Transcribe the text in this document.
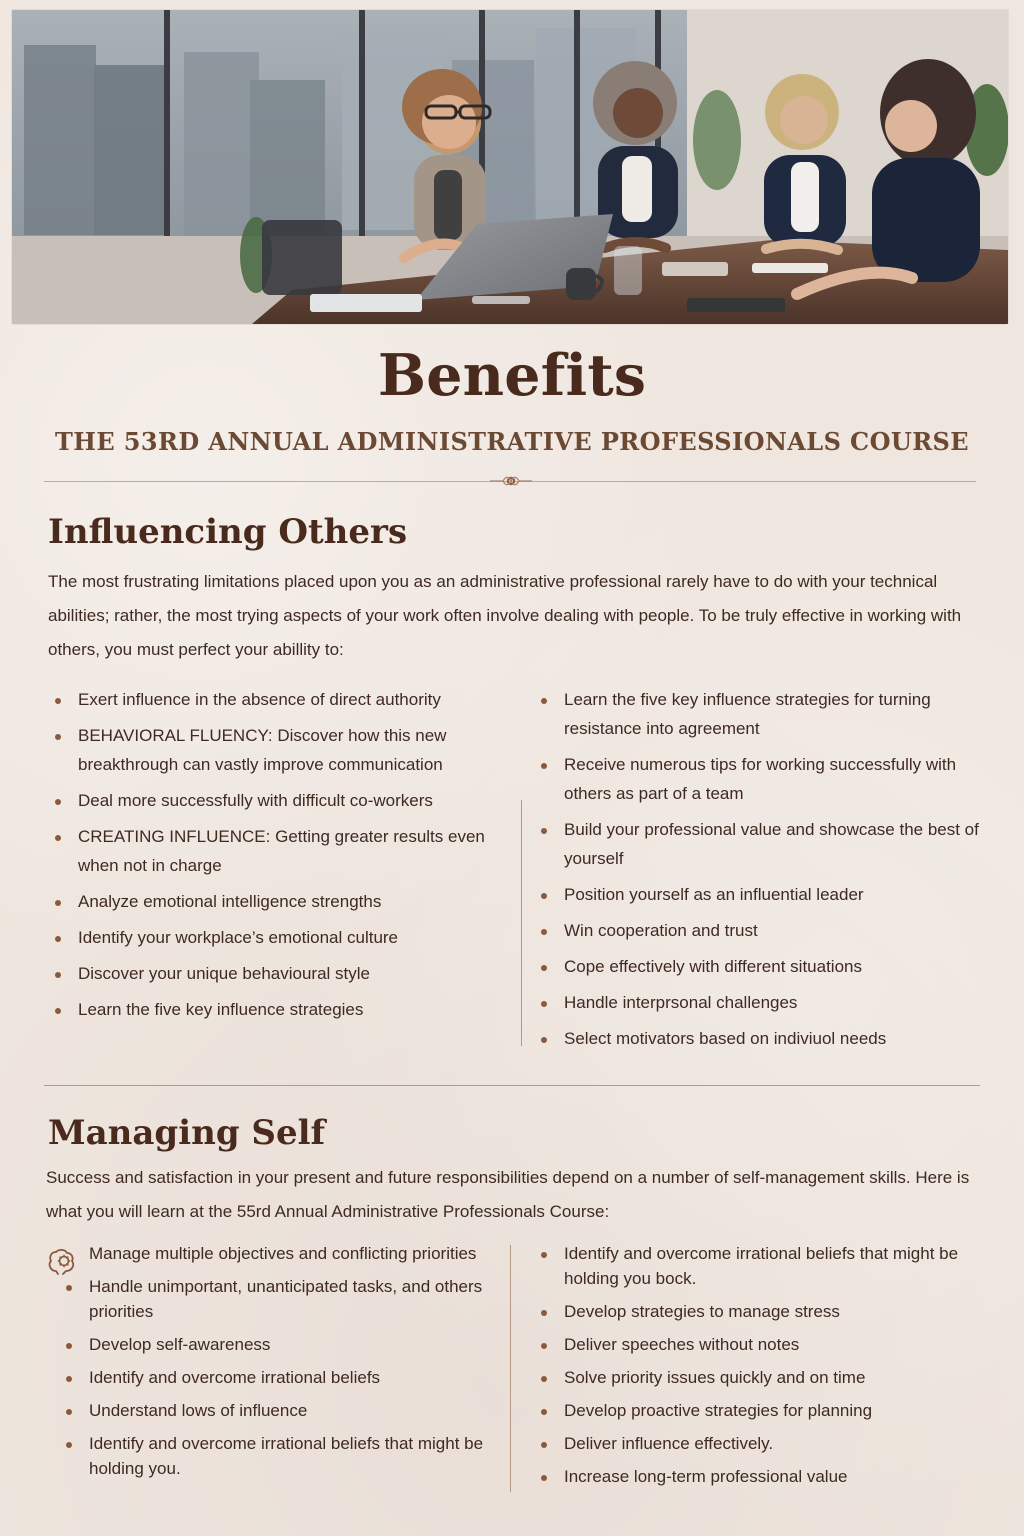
Benefits
THE 53RD ANNUAL ADMINISTRATIVE PROFESSIONALS COURSE
Influencing Others

The most frustrating limitations placed upon you as an administrative professional rarely have to do with your technical abilities; rather, the most trying aspects of your work often involve dealing with people. To be truly effective in working with others, you must perfect your abillity to:

Exert influence in the absence of direct authority
BEHAVIORAL FLUENCY: Discover how this new breakthrough can vastly improve communication
Deal more successfully with difficult co-workers
CREATING INFLUENCE: Getting greater results even when not in charge
Analyze emotional intelligence strengths
Identify your workplace’s emotional culture
Discover your unique behavioural style
Learn the five key influence strategies
Learn the five key influence strategies for turning resistance into agreement
Receive numerous tips for working successfully with others as part of a team
Build your professional value and showcase the best of yourself
Position yourself as an influential leader
Win cooperation and trust
Cope effectively with different situations
Handle interprsonal challenges
Select motivators based on indiviuol needs
Managing Self

Success and satisfaction in your present and future responsibilities depend on a number of self-management skills. Here is what you will learn at the 55rd Annual Administrative Professionals Course:

Manage multiple objectives and conflicting priorities
Handle unimportant, unanticipated tasks, and others priorities
Develop self-awareness
Identify and overcome irrational beliefs
Understand lows of influence
Identify and overcome irrational beliefs that might be holding you.
Identify and overcome irrational beliefs that might be holding you bock.
Develop strategies to manage stress
Deliver speeches without notes
Solve priority issues quickly and on time
Develop proactive strategies for planning
Deliver influence effectively.
Increase long-term professional value
